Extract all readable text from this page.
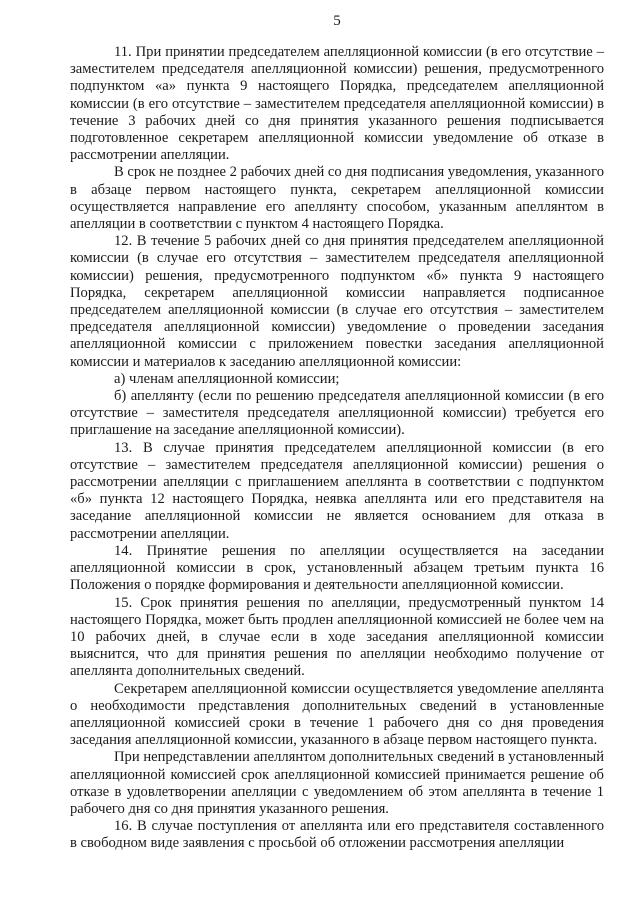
5

11. При принятии председателем апелляционной комиссии (в его отсутствие – заместителем председателя апелляционной комиссии) решения, предусмотренного подпунктом «а» пункта 9 настоящего Порядка, председателем апелляционной комиссии (в его отсутствие – заместителем председателя апелляционной комиссии) в течение 3 рабочих дней со дня принятия указанного решения подписывается подготовленное секретарем апелляционной комиссии уведомление об отказе в рассмотрении апелляции.

В срок не позднее 2 рабочих дней со дня подписания уведомления, указанного в абзаце первом настоящего пункта, секретарем апелляционной комиссии осуществляется направление его апеллянту способом, указанным апеллянтом в апелляции в соответствии с пунктом 4 настоящего Порядка.

12. В течение 5 рабочих дней со дня принятия председателем апелляционной комиссии (в случае его отсутствия – заместителем председателя апелляционной комиссии) решения, предусмотренного подпунктом «б» пункта 9 настоящего Порядка, секретарем апелляционной комиссии направляется подписанное председателем апелляционной комиссии (в случае его отсутствия – заместителем председателя апелляционной комиссии) уведомление о проведении заседания апелляционной комиссии с приложением повестки заседания апелляционной комиссии и материалов к заседанию апелляционной комиссии:

а) членам апелляционной комиссии;

б) апеллянту (если по решению председателя апелляционной комиссии (в его отсутствие – заместителя председателя апелляционной комиссии) требуется его приглашение на заседание апелляционной комиссии).

13. В случае принятия председателем апелляционной комиссии (в его отсутствие – заместителем председателя апелляционной комиссии) решения о рассмотрении апелляции с приглашением апеллянта в соответствии с подпунктом «б» пункта 12 настоящего Порядка, неявка апеллянта или его представителя на заседание апелляционной комиссии не является основанием для отказа в рассмотрении апелляции.

14. Принятие решения по апелляции осуществляется на заседании апелляционной комиссии в срок, установленный абзацем третьим пункта 16 Положения о порядке формирования и деятельности апелляционной комиссии.

15. Срок принятия решения по апелляции, предусмотренный пунктом 14 настоящего Порядка, может быть продлен апелляционной комиссией не более чем на 10 рабочих дней, в случае если в ходе заседания апелляционной комиссии выяснится, что для принятия решения по апелляции необходимо получение от апеллянта дополнительных сведений.

Секретарем апелляционной комиссии осуществляется уведомление апеллянта о необходимости представления дополнительных сведений в установленные апелляционной комиссией сроки в течение 1 рабочего дня со дня проведения заседания апелляционной комиссии, указанного в абзаце первом настоящего пункта.

При непредставлении апеллянтом дополнительных сведений в установленный апелляционной комиссией срок апелляционной комиссией принимается решение об отказе в удовлетворении апелляции с уведомлением об этом апеллянта в течение 1 рабочего дня со дня принятия указанного решения.

16. В случае поступления от апеллянта или его представителя составленного в свободном виде заявления с просьбой об отложении рассмотрения апелляции
